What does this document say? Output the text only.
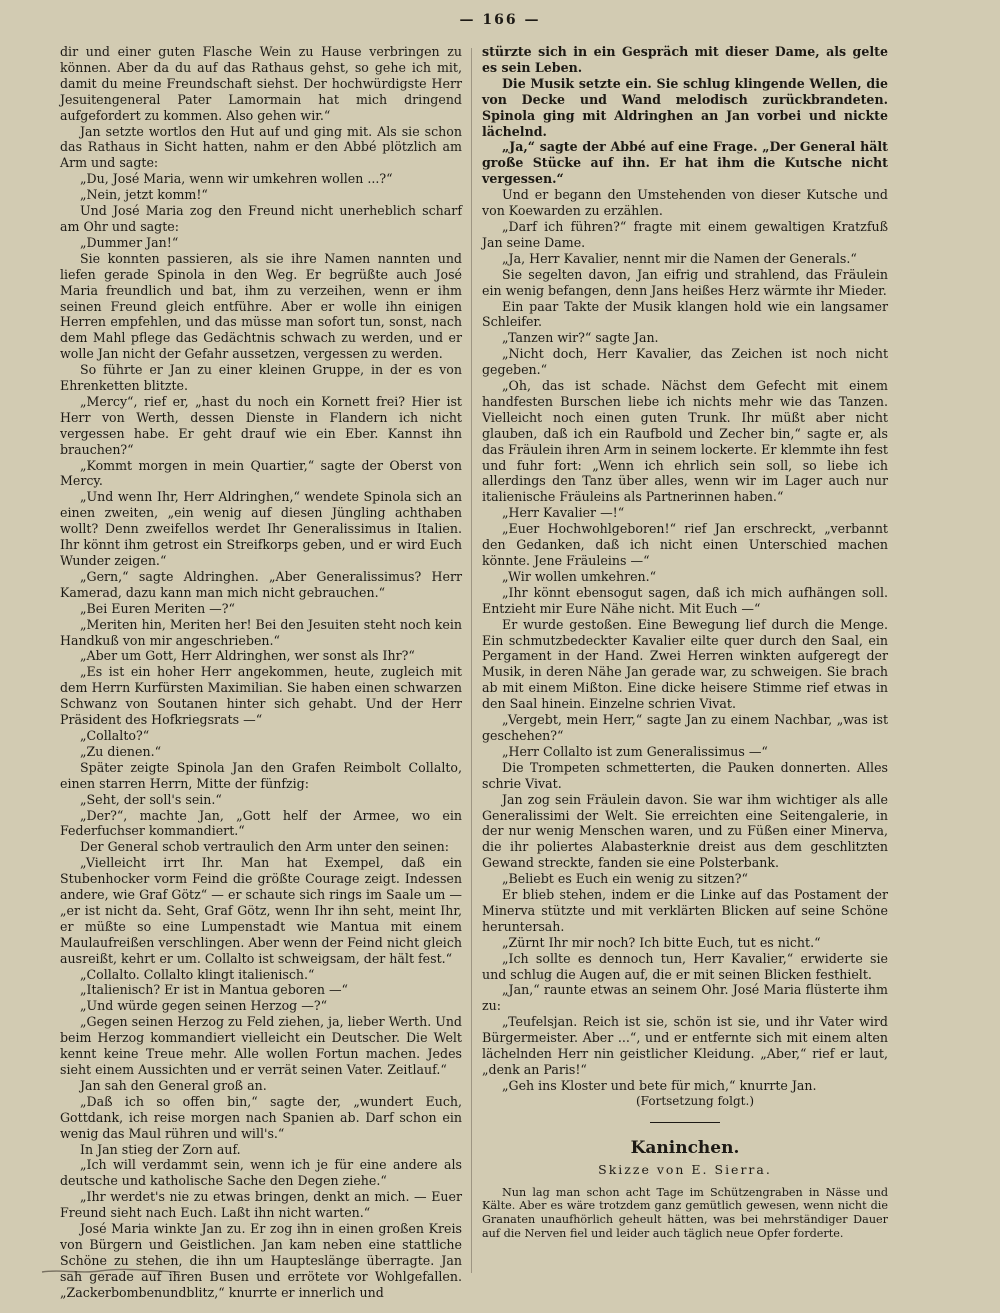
— 166 —

dir und einer guten Flasche Wein zu Hause verbringen zu können. Aber da du auf das Rathaus gehst, so gehe ich mit, damit du meine Freundschaft siehst. Der hochwürdigste Herr Jesuitengeneral Pater Lamormain hat mich dringend aufgefordert zu kommen. Also gehen wir.“

Jan setzte wortlos den Hut auf und ging mit. Als sie schon das Rathaus in Sicht hatten, nahm er den Abbé plötzlich am Arm und sagte:

„Du, José Maria, wenn wir umkehren wollen ...?“

„Nein, jetzt komm!“

Und José Maria zog den Freund nicht unerheblich scharf am Ohr und sagte:

„Dummer Jan!“

Sie konnten passieren, als sie ihre Namen nannten und liefen gerade Spinola in den Weg. Er begrüßte auch José Maria freundlich und bat, ihm zu verzeihen, wenn er ihm seinen Freund gleich entführe. Aber er wolle ihn einigen Herren empfehlen, und das müsse man sofort tun, sonst, nach dem Mahl pflege das Gedächtnis schwach zu werden, und er wolle Jan nicht der Gefahr aussetzen, vergessen zu werden.

So führte er Jan zu einer kleinen Gruppe, in der es von Ehrenketten blitzte.

„Mercy“, rief er, „hast du noch ein Kornett frei? Hier ist Herr von Werth, dessen Dienste in Flandern ich nicht vergessen habe. Er geht drauf wie ein Eber. Kannst ihn brauchen?“

„Kommt morgen in mein Quartier,“ sagte der Oberst von Mercy.

„Und wenn Ihr, Herr Aldringhen,“ wendete Spinola sich an einen zweiten, „ein wenig auf diesen Jüngling achthaben wollt? Denn zweifellos werdet Ihr Generalissimus in Italien. Ihr könnt ihm getrost ein Streifkorps geben, und er wird Euch Wunder zeigen.“

„Gern,“ sagte Aldringhen. „Aber Generalissimus? Herr Kamerad, dazu kann man mich nicht gebrauchen.“

„Bei Euren Meriten —?“

„Meriten hin, Meriten her! Bei den Jesuiten steht noch kein Handkuß von mir angeschrieben.“

„Aber um Gott, Herr Aldringhen, wer sonst als Ihr?“

„Es ist ein hoher Herr angekommen, heute, zugleich mit dem Herrn Kurfürsten Maximilian. Sie haben einen schwarzen Schwanz von Soutanen hinter sich gehabt. Und der Herr Präsident des Hofkriegsrats —“

„Collalto?“

„Zu dienen.“

Später zeigte Spinola Jan den Grafen Reimbolt Collalto, einen starren Herrn, Mitte der fünfzig:

„Seht, der soll's sein.“

„Der?“, machte Jan, „Gott helf der Armee, wo ein Federfuchser kommandiert.“

Der General schob vertraulich den Arm unter den seinen:

„Vielleicht irrt Ihr. Man hat Exempel, daß ein Stubenhocker vorm Feind die größte Courage zeigt. Indessen andere, wie Graf Götz“ — er schaute sich rings im Saale um — „er ist nicht da. Seht, Graf Götz, wenn Ihr ihn seht, meint Ihr, er müßte so eine Lumpenstadt wie Mantua mit einem Maulaufreißen verschlingen. Aber wenn der Feind nicht gleich ausreißt, kehrt er um. Collalto ist schweigsam, der hält fest.“

„Collalto. Collalto klingt italienisch.“

„Italienisch? Er ist in Mantua geboren —“

„Und würde gegen seinen Herzog —?“

„Gegen seinen Herzog zu Feld ziehen, ja, lieber Werth. Und beim Herzog kommandiert vielleicht ein Deutscher. Die Welt kennt keine Treue mehr. Alle wollen Fortun machen. Jedes sieht einem Aussichten und er verrät seinen Vater. Zeitlauf.“

Jan sah den General groß an.

„Daß ich so offen bin,“ sagte der, „wundert Euch, Gottdank, ich reise morgen nach Spanien ab. Darf schon ein wenig das Maul rühren und will's.“

In Jan stieg der Zorn auf.

„Ich will verdammt sein, wenn ich je für eine andere als deutsche und katholische Sache den Degen ziehe.“

„Ihr werdet's nie zu etwas bringen, denkt an mich. — Euer Freund sieht nach Euch. Laßt ihn nicht warten.“

José Maria winkte Jan zu. Er zog ihn in einen großen Kreis von Bürgern und Geistlichen. Jan kam neben eine stattliche Schöne zu stehen, die ihn um Haupteslänge überragte. Jan sah gerade auf ihren Busen und errötete vor Wohlgefallen. „Zackerbombenundblitz,“ knurrte er innerlich und

stürzte sich in ein Gespräch mit dieser Dame, als gelte es sein Leben.

Die Musik setzte ein. Sie schlug klingende Wellen, die von Decke und Wand melodisch zurückbrandeten. Spinola ging mit Aldringhen an Jan vorbei und nickte lächelnd.

„Ja,“ sagte der Abbé auf eine Frage. „Der General hält große Stücke auf ihn. Er hat ihm die Kutsche nicht vergessen.“

Und er begann den Umstehenden von dieser Kutsche und von Koewarden zu erzählen.

„Darf ich führen?“ fragte mit einem gewaltigen Kratzfuß Jan seine Dame.

„Ja, Herr Kavalier, nennt mir die Namen der Generals.“

Sie segelten davon, Jan eifrig und strahlend, das Fräulein ein wenig befangen, denn Jans heißes Herz wärmte ihr Mieder.

Ein paar Takte der Musik klangen hold wie ein langsamer Schleifer.

„Tanzen wir?“ sagte Jan.

„Nicht doch, Herr Kavalier, das Zeichen ist noch nicht gegeben.“

„Oh, das ist schade. Nächst dem Gefecht mit einem handfesten Burschen liebe ich nichts mehr wie das Tanzen. Vielleicht noch einen guten Trunk. Ihr müßt aber nicht glauben, daß ich ein Raufbold und Zecher bin,“ sagte er, als das Fräulein ihren Arm in seinem lockerte. Er klemmte ihn fest und fuhr fort: „Wenn ich ehrlich sein soll, so liebe ich allerdings den Tanz über alles, wenn wir im Lager auch nur italienische Fräuleins als Partnerinnen haben.“

„Herr Kavalier —!“

„Euer Hochwohlgeboren!“ rief Jan erschreckt, „verbannt den Gedanken, daß ich nicht einen Unterschied machen könnte. Jene Fräuleins —“

„Wir wollen umkehren.“

„Ihr könnt ebensogut sagen, daß ich mich aufhängen soll. Entzieht mir Eure Nähe nicht. Mit Euch —“

Er wurde gestoßen. Eine Bewegung lief durch die Menge. Ein schmutzbedeckter Kavalier eilte quer durch den Saal, ein Pergament in der Hand. Zwei Herren winkten aufgeregt der Musik, in deren Nähe Jan gerade war, zu schweigen. Sie brach ab mit einem Mißton. Eine dicke heisere Stimme rief etwas in den Saal hinein. Einzelne schrien Vivat.

„Vergebt, mein Herr,“ sagte Jan zu einem Nachbar, „was ist geschehen?“

„Herr Collalto ist zum Generalissimus —“

Die Trompeten schmetterten, die Pauken donnerten. Alles schrie Vivat.

Jan zog sein Fräulein davon. Sie war ihm wichtiger als alle Generalissimi der Welt. Sie erreichten eine Seitengalerie, in der nur wenig Menschen waren, und zu Füßen einer Minerva, die ihr poliertes Alabasterknie dreist aus dem geschlitzten Gewand streckte, fanden sie eine Polsterbank.

„Beliebt es Euch ein wenig zu sitzen?“

Er blieb stehen, indem er die Linke auf das Postament der Minerva stützte und mit verklärten Blicken auf seine Schöne heruntersah.

„Zürnt Ihr mir noch? Ich bitte Euch, tut es nicht.“

„Ich sollte es dennoch tun, Herr Kavalier,“ erwiderte sie und schlug die Augen auf, die er mit seinen Blicken festhielt.

„Jan,“ raunte etwas an seinem Ohr. José Maria flüsterte ihm zu:

„Teufelsjan. Reich ist sie, schön ist sie, und ihr Vater wird Bürgermeister. Aber ...“, und er entfernte sich mit einem alten lächelnden Herr nin geistlicher Kleidung. „Aber,“ rief er laut, „denk an Paris!“

„Geh ins Kloster und bete für mich,“ knurrte Jan.

(Fortsetzung folgt.)

Kaninchen.
Skizze von E. Sierra.

Nun lag man schon acht Tage im Schützengraben in Nässe und Kälte. Aber es wäre trotzdem ganz gemütlich gewesen, wenn nicht die Granaten unaufhörlich geheult hätten, was bei mehrständiger Dauer auf die Nerven fiel und leider auch täglich neue Opfer forderte.
